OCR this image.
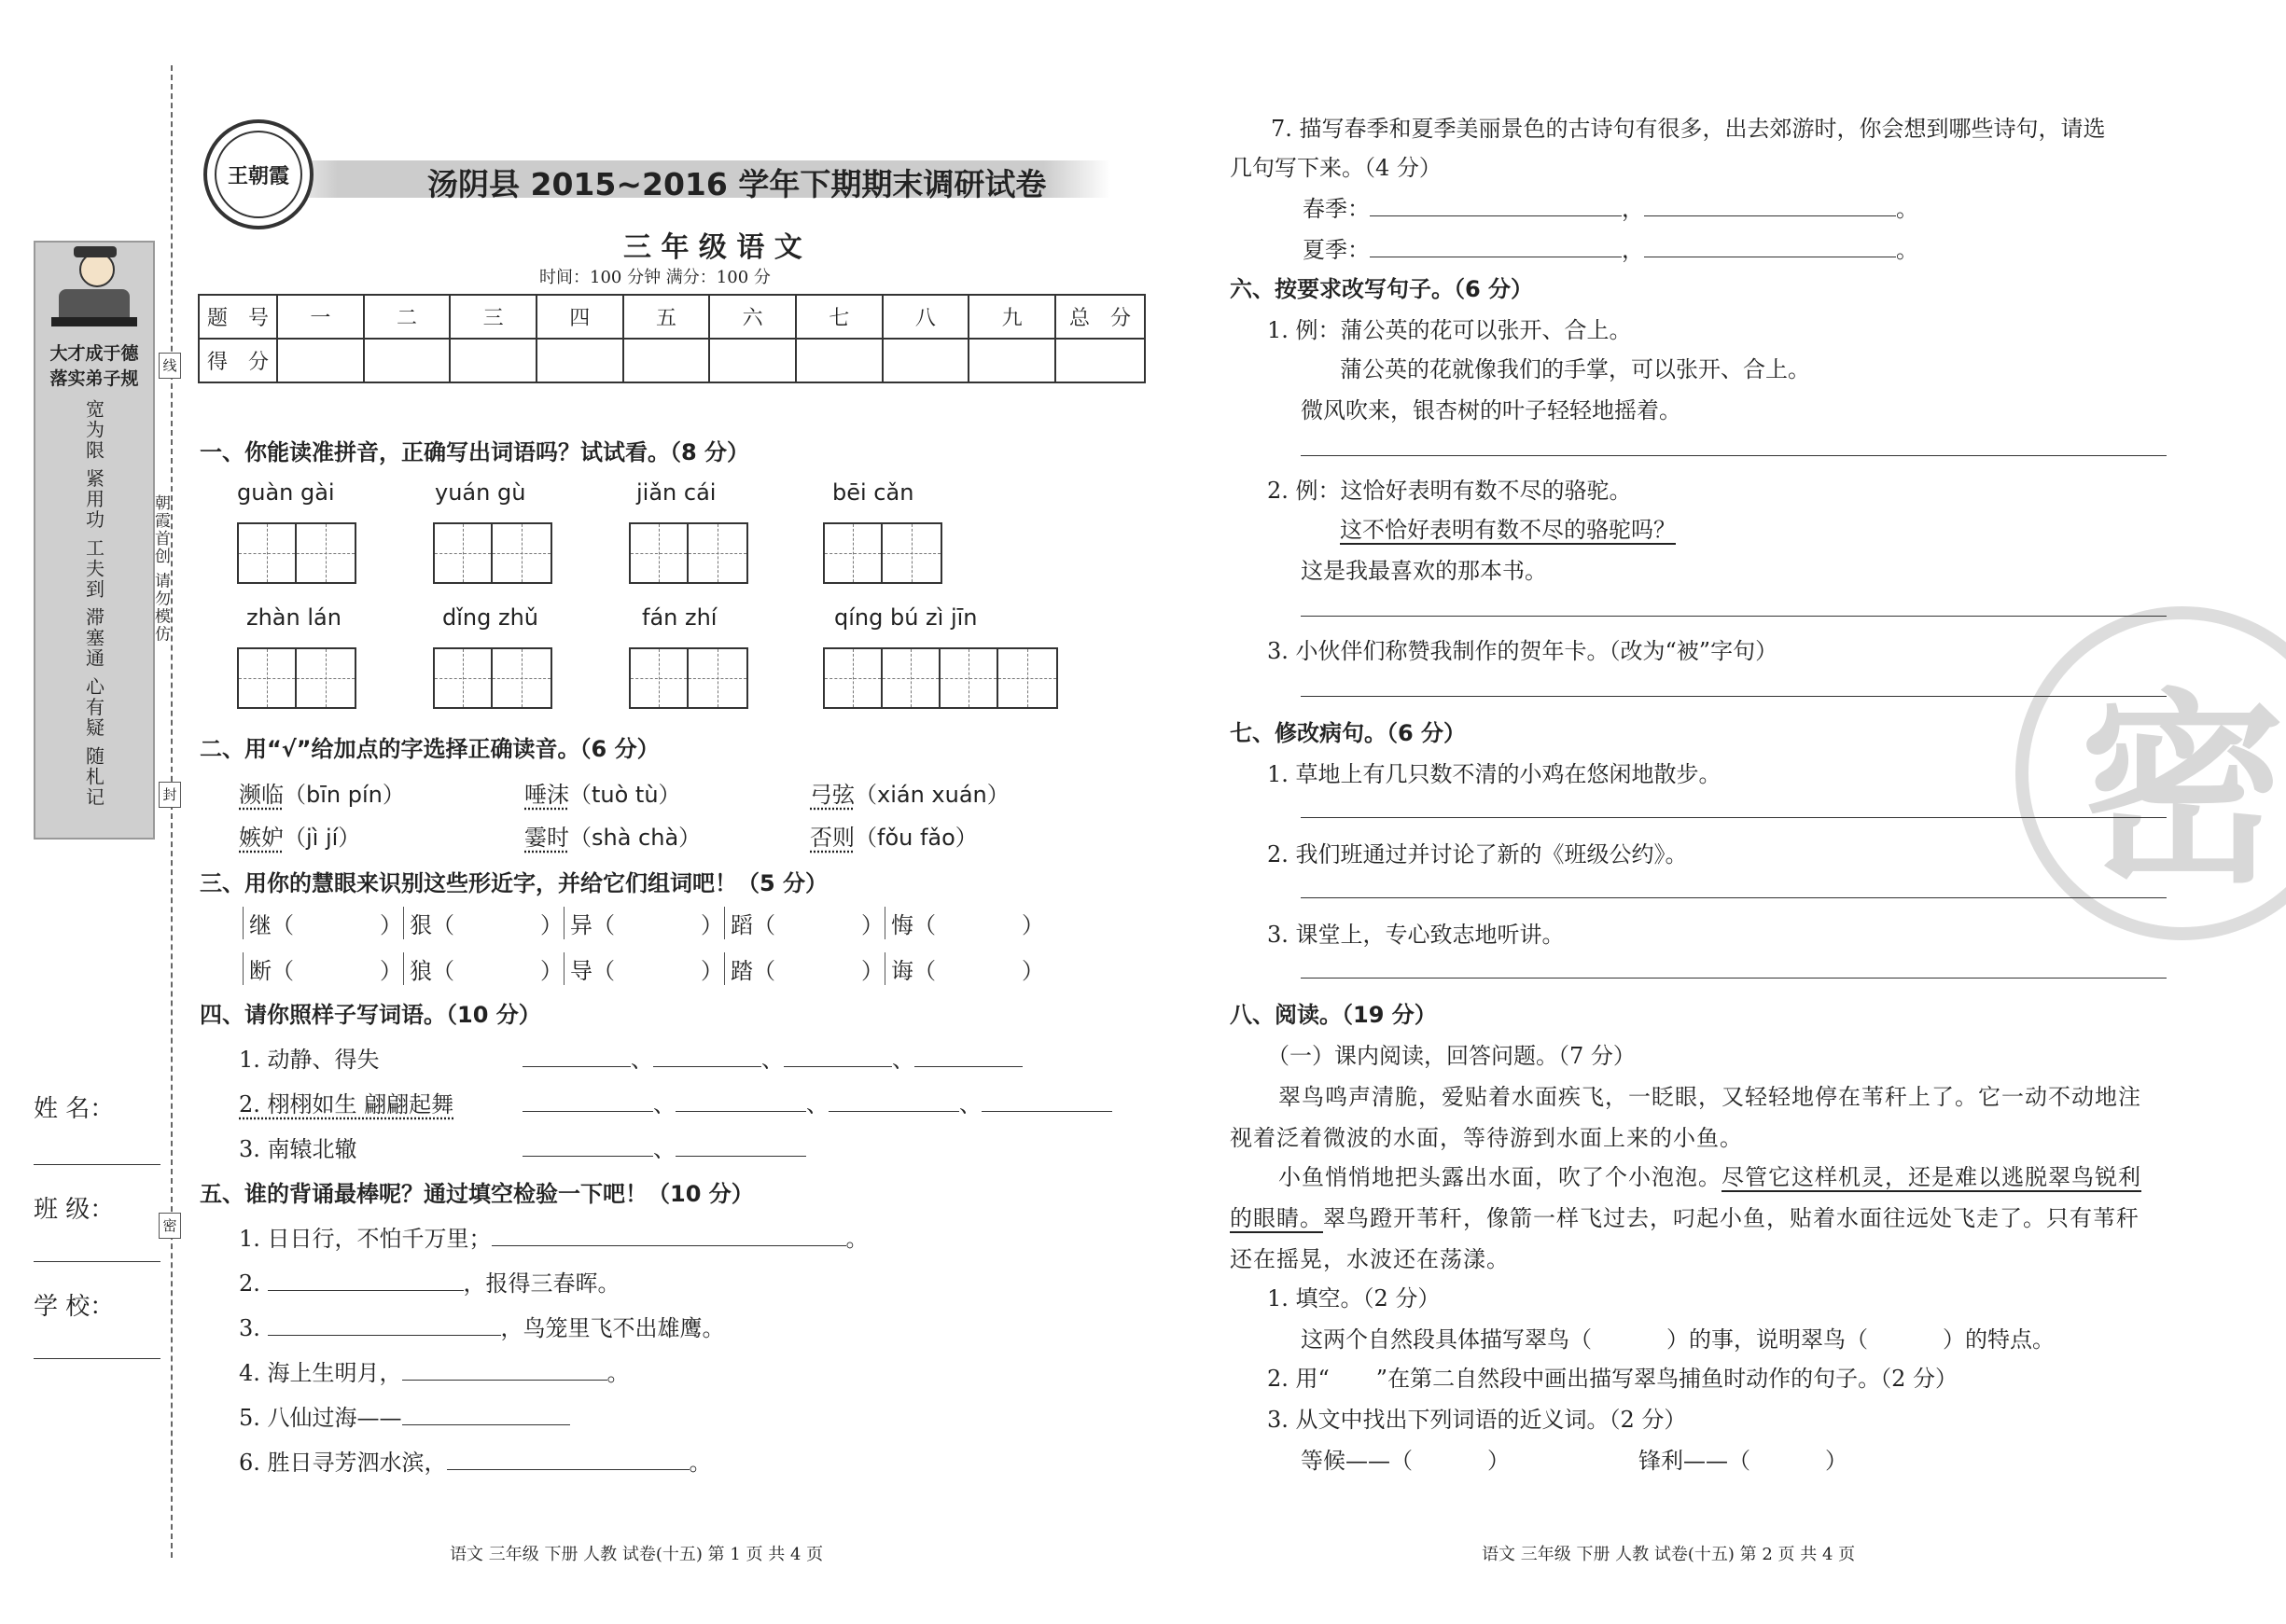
大才成于德
落实弟子规
宽为限 紧用功 工夫到 滞塞通 心有疑 随札记	朝霞首创 请勿模仿
线
封
密
姓 名：
班 级：
学 校：
王朝霞	汤阴县 2015~2016 学年下期期末调研试卷
三 年 级 语 文
时间：100 分钟 满分：100 分
题　号	一	二	三	四	五	六	七	八	九	总　分
得　分										
一、你能读准拼音，正确写出词语吗？试试看。（8 分）
guàn gài	yuán gù	jiǎn cái	bēi cǎn
zhàn lán	dǐng zhǔ	fán zhí	qíng bú zì jīn
二、用“√”给加点的字选择正确读音。（6 分）
濒临（bīn pín）	唾沫（tuò tù）	弓弦（xián xuán）
嫉妒（jì jí）	霎时（shà chà）	否则（fǒu fǎo）
三、用你的慧眼来识别这些形近字，并给它们组词吧！（5 分）
继（	） 狠（	） 异（	） 蹈（	） 悔（	）
断（	） 狼（	） 导（	） 踏（	） 诲（	）
四、请你照样子写词语。（10 分）
1. 动静、得失	、	、	、
2. 栩栩如生 翩翩起舞	、	、	、
3. 南辕北辙	、
五、谁的背诵最棒呢？通过填空检验一下吧！（10 分）
1. 日日行，不怕千万里；	。
2.	，报得三春晖。
3.	，鸟笼里飞不出雄鹰。
4. 海上生明月，	。
5. 八仙过海——
6. 胜日寻芳泗水滨，	。
语文 三年级 下册 人教 试卷(十五) 第 1 页 共 4 页	语文 三年级 下册 人教 试卷(十五) 第 2 页 共 4 页
密
7. 描写春季和夏季美丽景色的古诗句有很多，出去郊游时，你会想到哪些诗句，请选
几句写下来。（4 分）
春季：	，	。
夏季：	，	。
六、按要求改写句子。（6 分）
1. 例：蒲公英的花可以张开、合上。
蒲公英的花就像我们的手掌，可以张开、合上。
微风吹来，银杏树的叶子轻轻地摇着。
2. 例：这恰好表明有数不尽的骆驼。
这不恰好表明有数不尽的骆驼吗？
这是我最喜欢的那本书。
3. 小伙伴们称赞我制作的贺年卡。（改为“被”字句）
七、修改病句。（6 分）
1. 草地上有几只数不清的小鸡在悠闲地散步。
2. 我们班通过并讨论了新的《班级公约》。
3. 课堂上，专心致志地听讲。
八、阅读。（19 分）
（一）课内阅读，回答问题。（7 分）
翠鸟鸣声清脆，爱贴着水面疾飞，一眨眼，又轻轻地停在苇秆上了。它一动不动地注
视着泛着微波的水面，等待游到水面上来的小鱼。
小鱼悄悄地把头露出水面，吹了个小泡泡。尽管它这样机灵，还是难以逃脱翠鸟锐利
的眼睛。翠鸟蹬开苇秆，像箭一样飞过去，叼起小鱼，贴着水面往远处飞走了。只有苇秆
还在摇晃，水波还在荡漾。
1. 填空。（2 分）
这两个自然段具体描写翠鸟（	）的事，说明翠鸟（	）的特点。
2. 用“ ”在第二自然段中画出描写翠鸟捕鱼时动作的句子。（2 分）
3. 从文中找出下列词语的近义词。（2 分）
等候——（	）	锋利——（	）
